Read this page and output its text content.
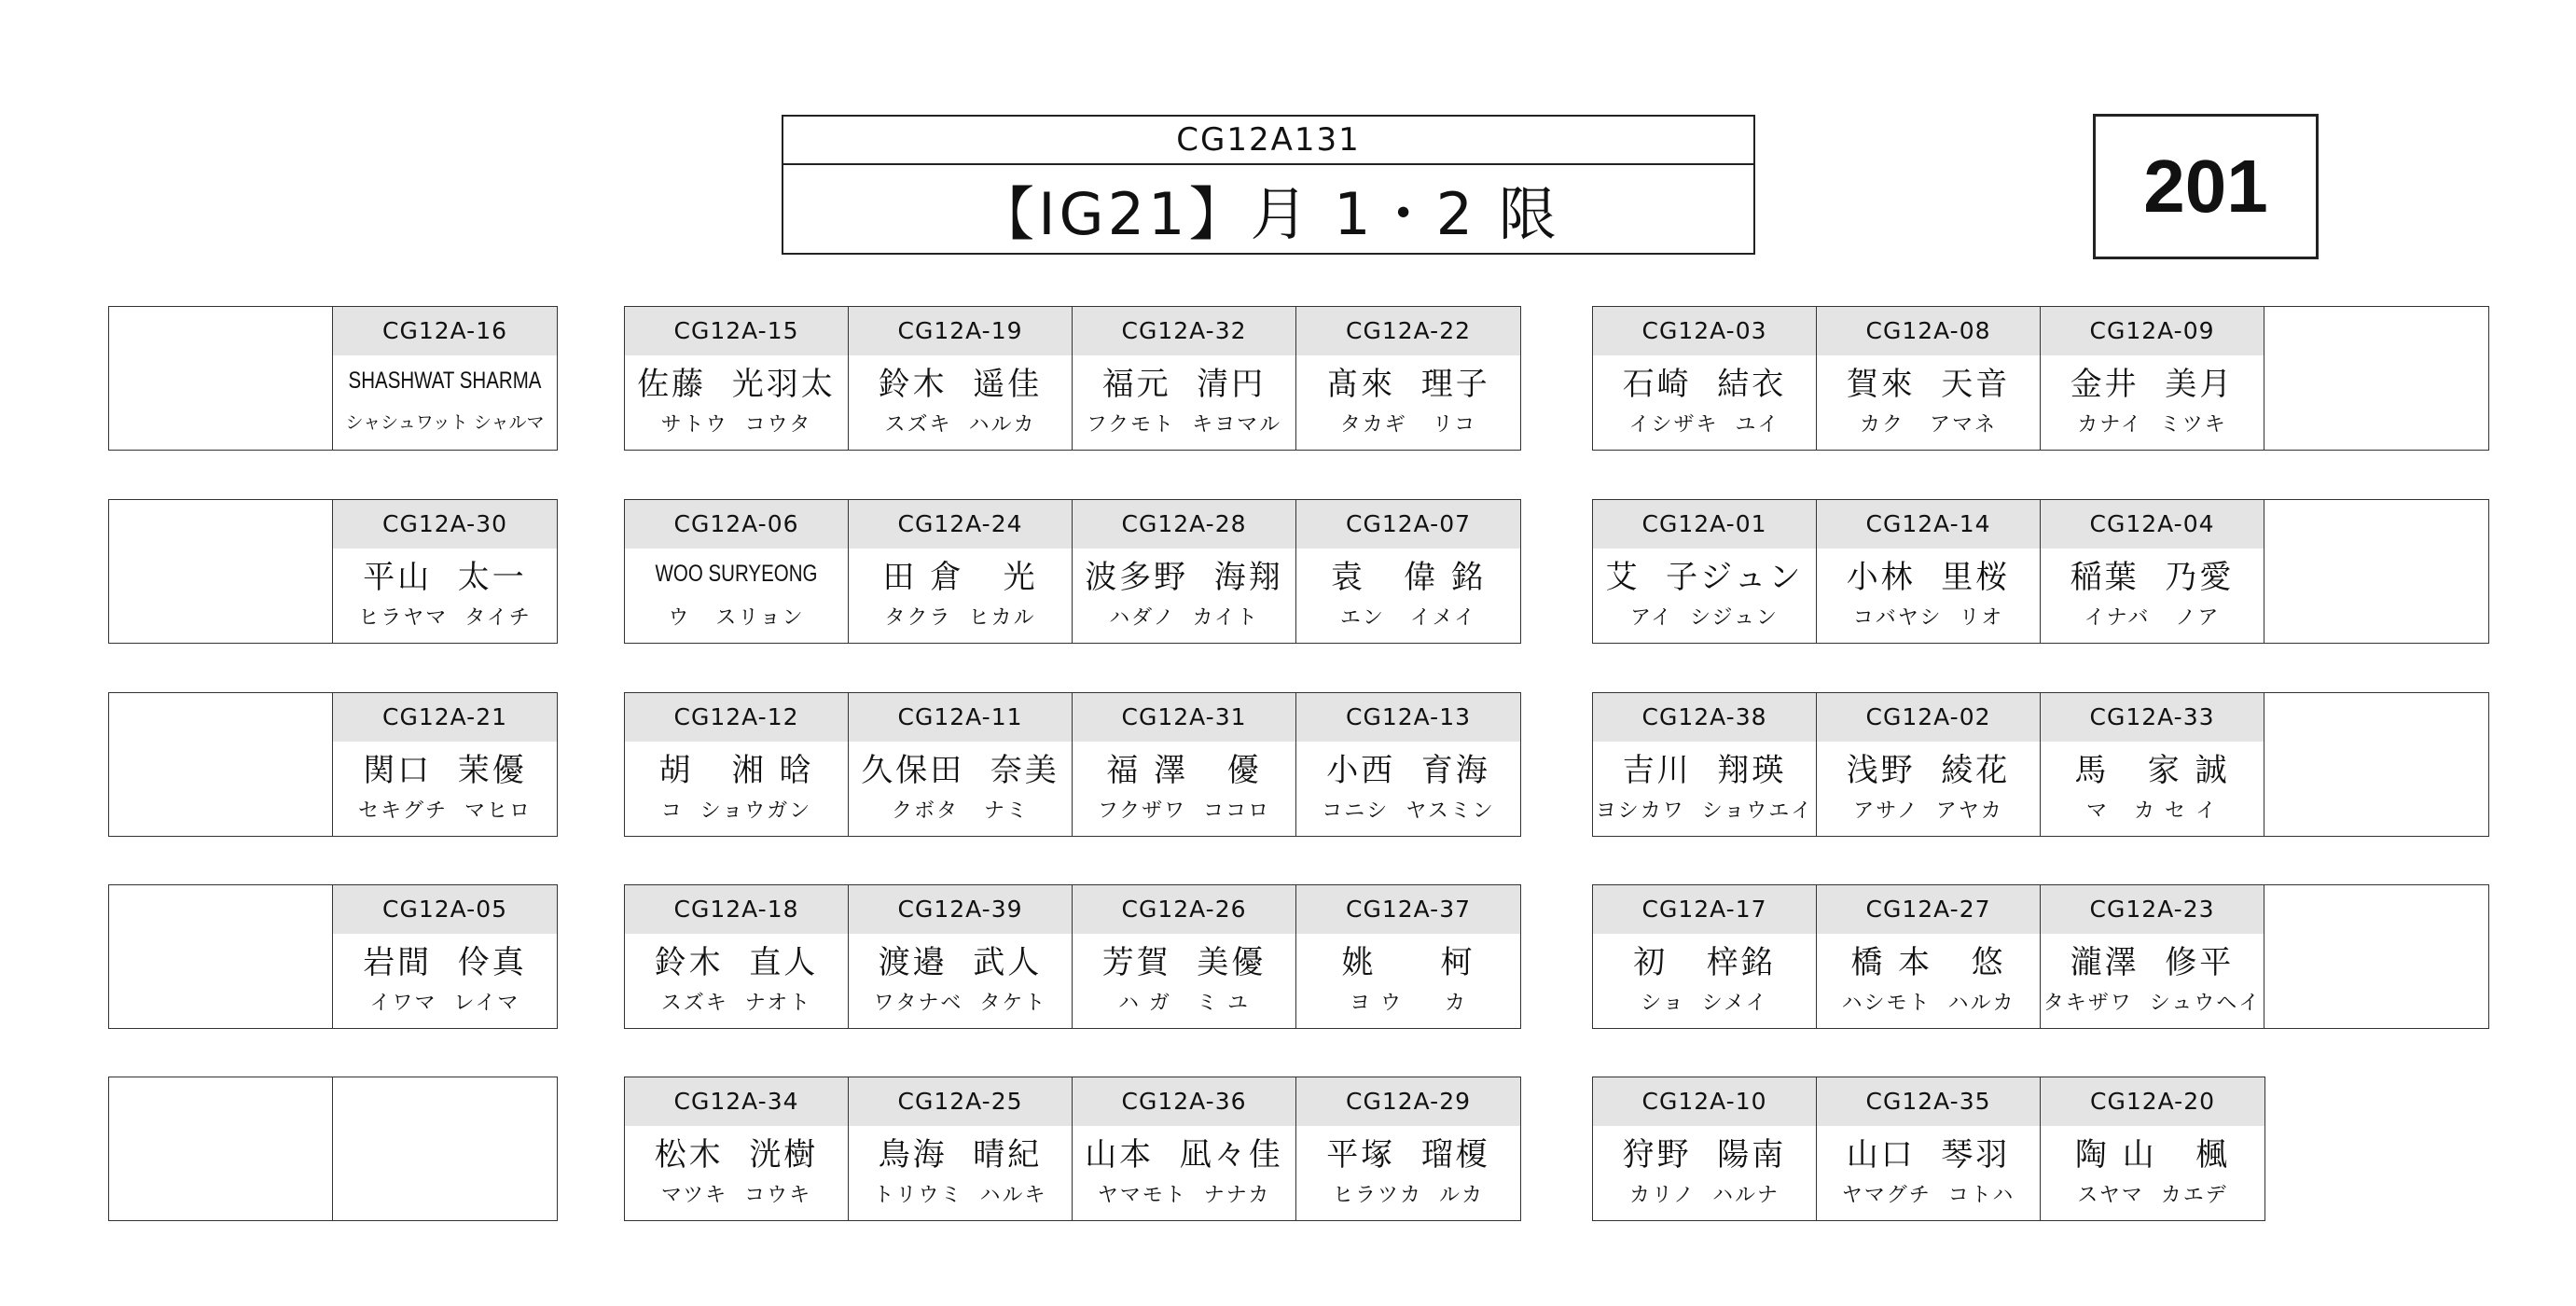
CG12A131
【IG21】月 1・2 限	201
CG12A-16
SHASHWAT SHARMA
シャシュワット シャルマ
CG12A-15
佐藤  光羽太
サトウ  コウタ
CG12A-19
鈴木  遥佳
スズキ  ハルカ
CG12A-32
福元  清円
フクモト  キヨマル
CG12A-22
髙來  理子
タカギ   リコ
CG12A-03
石崎  結衣
イシザキ  ユイ
CG12A-08
賀來  天音
カク   アマネ
CG12A-09
金井  美月
カナイ  ミツキ
CG12A-30
平山  太一
ヒラヤマ  タイチ
CG12A-06
WOO SURYEONG
ウ   スリョン
CG12A-24
田 倉   光
タクラ  ヒカル
CG12A-28
波多野  海翔
ハダノ  カイト
CG12A-07
袁   偉 銘
エン   イメイ
CG12A-01
艾  子ジュン
アイ  シジュン
CG12A-14
小林  里桜
コバヤシ  リオ
CG12A-04
稲葉  乃愛
イナバ   ノア
CG12A-21
関口  茉優
セキグチ  マヒロ
CG12A-12
胡   湘 晗
コ  ショウガン
CG12A-11
久保田  奈美
クボタ   ナミ
CG12A-31
福 澤   優
フクザワ  ココロ
CG12A-13
小西  育海
コニシ  ヤスミン
CG12A-38
吉川  翔瑛
ヨシカワ  ショウエイ
CG12A-02
浅野  綾花
アサノ  アヤカ
CG12A-33
馬   家 誠
マ   カ セ イ
CG12A-05
岩間  伶真
イワマ  レイマ
CG12A-18
鈴木  直人
スズキ  ナオト
CG12A-39
渡邉  武人
ワタナベ  タケト
CG12A-26
芳賀  美優
ハ ガ   ミ ユ
CG12A-37
姚     柯
ヨ ウ     カ
CG12A-17
初   梓銘
ショ  シメイ
CG12A-27
橋 本   悠
ハシモト  ハルカ
CG12A-23
瀧澤  修平
タキザワ  シュウヘイ
CG12A-34
松木  洸樹
マツキ  コウキ
CG12A-25
鳥海  晴紀
トリウミ  ハルキ
CG12A-36
山本  凪々佳
ヤマモト  ナナカ
CG12A-29
平塚  瑠榎
ヒラツカ  ルカ
CG12A-10
狩野  陽南
カリノ  ハルナ
CG12A-35
山口  琴羽
ヤマグチ  コトハ
CG12A-20
陶 山   楓
スヤマ  カエデ
